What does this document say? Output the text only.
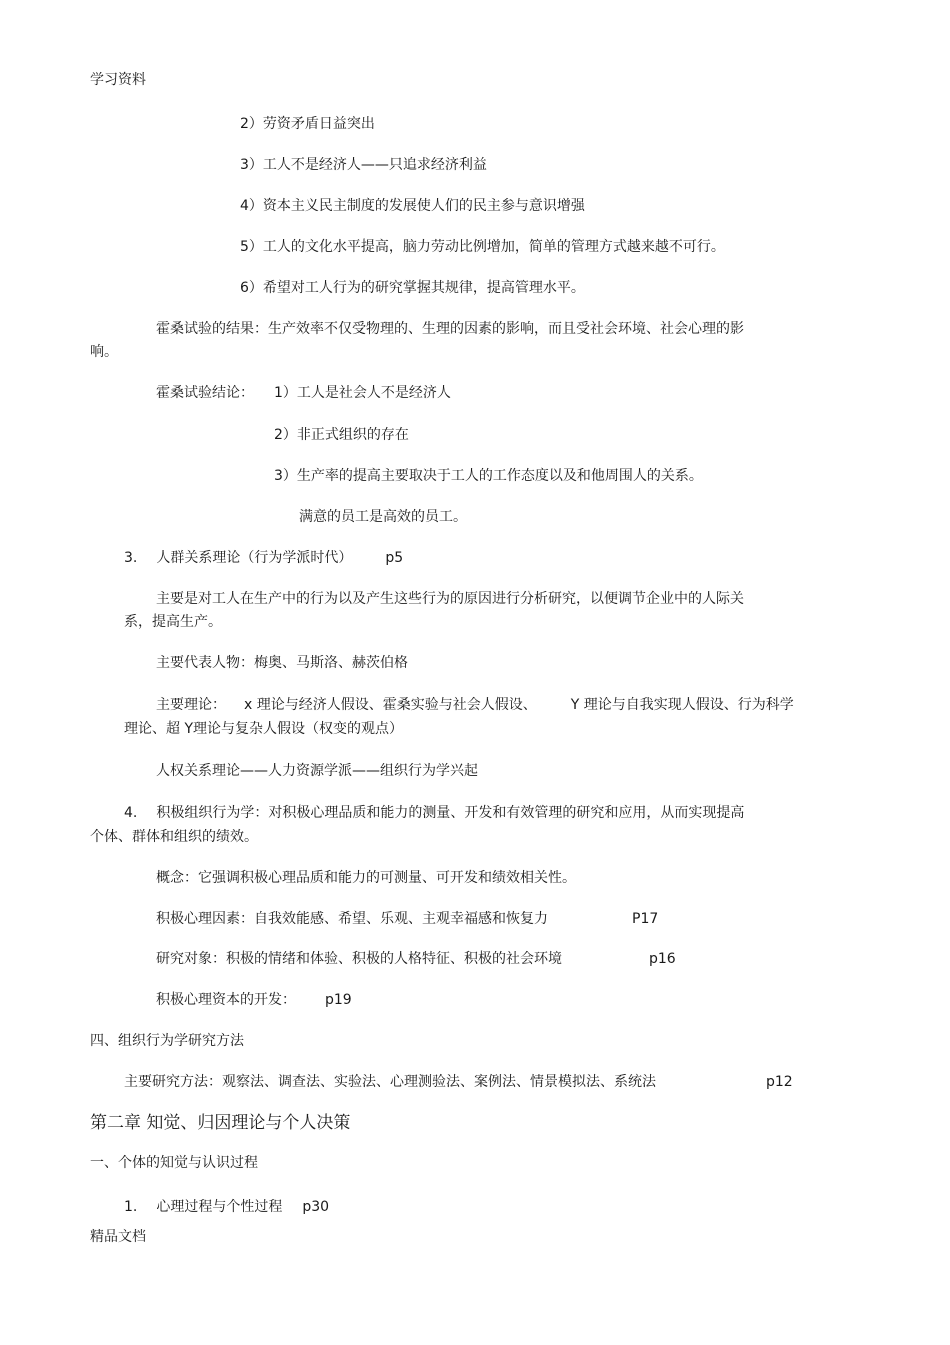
学习资料
2）劳资矛盾日益突出
3）工人不是经济人——只追求经济利益
4）资本主义民主制度的发展使人们的民主参与意识增强
5）工人的文化水平提高，脑力劳动比例增加，简单的管理方式越来越不可行。
6）希望对工人行为的研究掌握其规律，提高管理水平。
霍桑试验的结果：生产效率不仅受物理的、生理的因素的影响，而且受社会环境、社会心理的影
响。
霍桑试验结论： 1）工人是社会人不是经济人
2）非正式组织的存在
3）生产率的提高主要取决于工人的工作态度以及和他周围人的关系。
满意的员工是高效的员工。
3. 人群关系理论（行为学派时代） p5
主要是对工人在生产中的行为以及产生这些行为的原因进行分析研究，以便调节企业中的人际关
系，提高生产。
主要代表人物：梅奥、马斯洛、赫茨伯格
主要理论： x 理论与经济人假设、霍桑实验与社会人假设、 Y 理论与自我实现人假设、行为科学
理论、超 Y理论与复杂人假设（权变的观点）
人权关系理论——人力资源学派——组织行为学兴起
4. 积极组织行为学：对积极心理品质和能力的测量、开发和有效管理的研究和应用，从而实现提高
个体、群体和组织的绩效。
概念：它强调积极心理品质和能力的可测量、可开发和绩效相关性。
积极心理因素：自我效能感、希望、乐观、主观幸福感和恢复力	P17
研究对象：积极的情绪和体验、积极的人格特征、积极的社会环境	p16
积极心理资本的开发： p19
四、组织行为学研究方法
主要研究方法：观察法、调查法、实验法、心理测验法、案例法、情景模拟法、系统法	p12
第二章 知觉、归因理论与个人决策
一、个体的知觉与认识过程
1. 心理过程与个性过程 p30
精品文档
